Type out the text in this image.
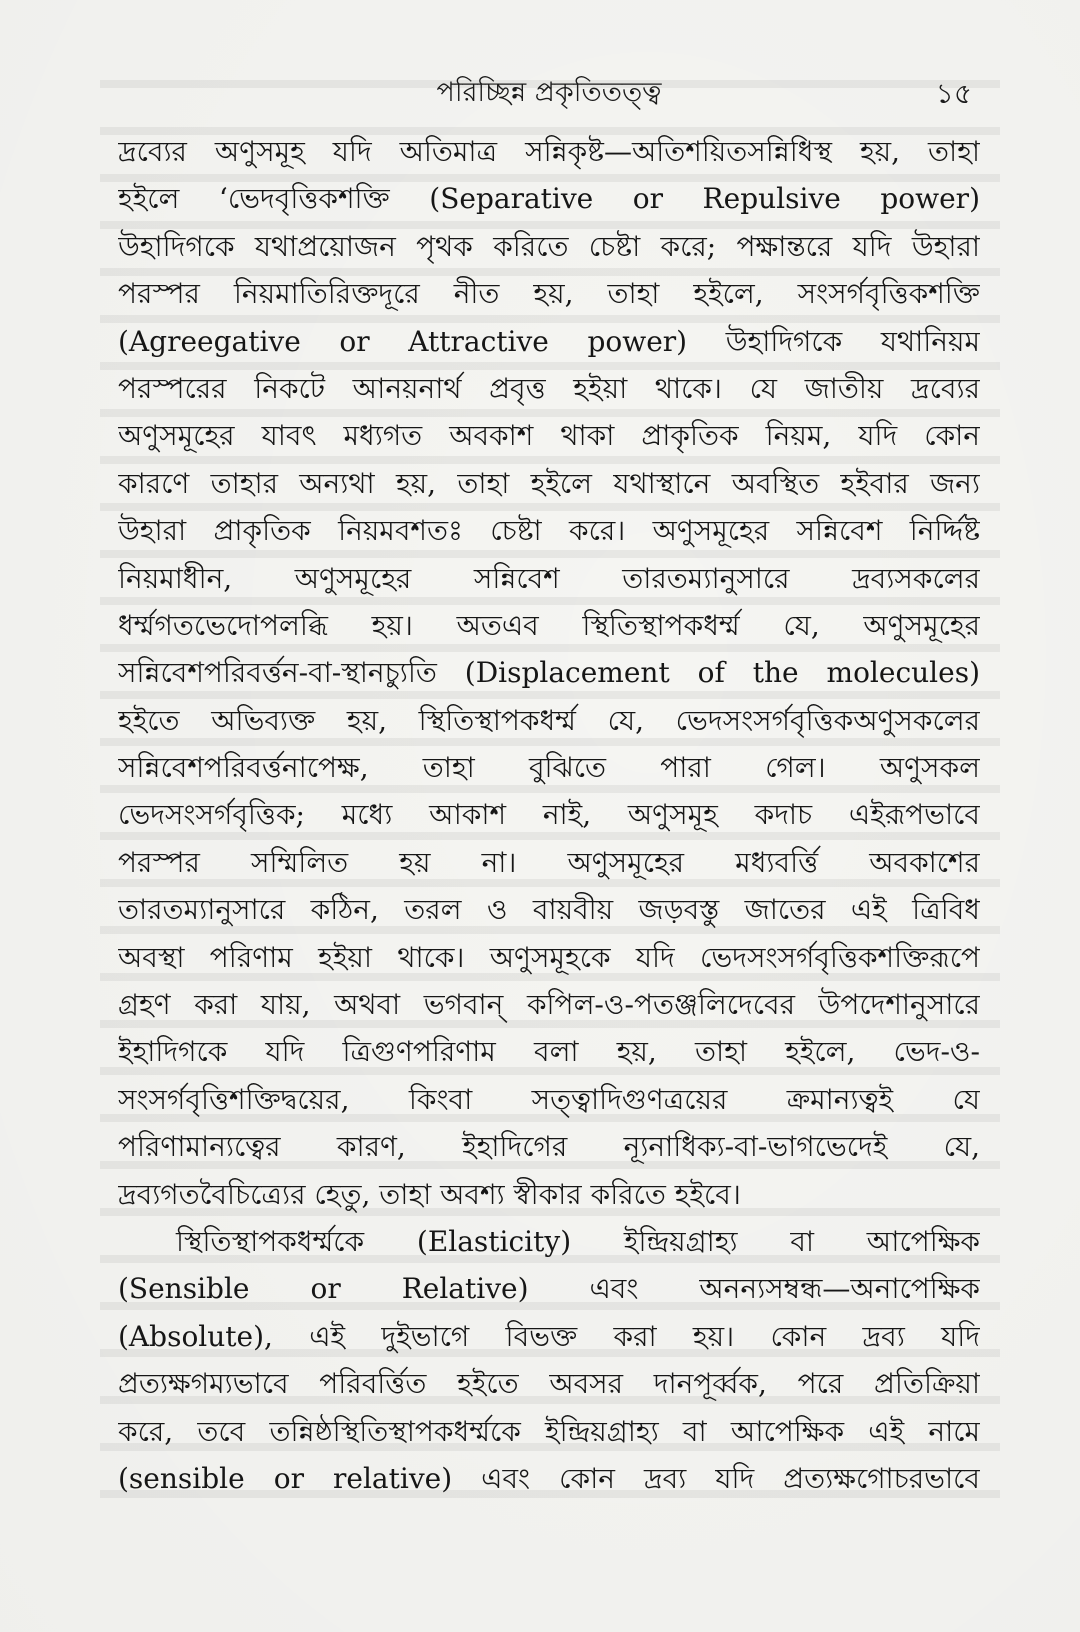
পরিচ্ছিন্ন প্রকৃতিতত্ত্ব	১৫
দ্রব্যের অণুসমূহ যদি অতিমাত্র সন্নিকৃষ্ট—অতিশয়িতসন্নিধিস্থ হয়, তাহা
হইলে ‘ভেদবৃত্তিকশক্তি (Separative or Repulsive power)
উহাদিগকে যথাপ্রয়োজন পৃথক করিতে চেষ্টা করে; পক্ষান্তরে যদি উহারা
পরস্পর নিয়মাতিরিক্তদূরে নীত হয়, তাহা হইলে, সংসর্গবৃত্তিকশক্তি
(Agreegative or Attractive power) উহাদিগকে যথানিয়ম
পরস্পরের নিকটে আনয়নার্থ প্রবৃত্ত হইয়া থাকে। যে জাতীয় দ্রব্যের
অণুসমূহের যাবৎ মধ্যগত অবকাশ থাকা প্রাকৃতিক নিয়ম, যদি কোন
কারণে তাহার অন্যথা হয়, তাহা হইলে যথাস্থানে অবস্থিত হইবার জন্য
উহারা প্রাকৃতিক নিয়মবশতঃ চেষ্টা করে। অণুসমূহের সন্নিবেশ নির্দ্দিষ্ট
নিয়মাধীন, অণুসমূহের সন্নিবেশ তারতম্যানুসারে দ্রব্যসকলের
ধর্ম্মগতভেদোপলব্ধি হয়। অতএব স্থিতিস্থাপকধর্ম্ম যে, অণুসমূহের
সন্নিবেশপরিবর্ত্তন-বা-স্থানচ্যুতি (Displacement of the molecules)
হইতে অভিব্যক্ত হয়, স্থিতিস্থাপকধর্ম্ম যে, ভেদসংসর্গবৃত্তিকঅণুসকলের
সন্নিবেশপরিবর্ত্তনাপেক্ষ, তাহা বুঝিতে পারা গেল। অণুসকল
ভেদসংসর্গবৃত্তিক; মধ্যে আকাশ নাই, অণুসমূহ কদাচ এইরূপভাবে
পরস্পর সম্মিলিত হয় না। অণুসমূহের মধ্যবর্ত্তি অবকাশের
তারতম্যানুসারে কঠিন, তরল ও বায়বীয় জড়বস্তু জাতের এই ত্রিবিধ
অবস্থা পরিণাম হইয়া থাকে। অণুসমূহকে যদি ভেদসংসর্গবৃত্তিকশক্তিরূপে
গ্রহণ করা যায়, অথবা ভগবান্ কপিল-ও-পতঞ্জলিদেবের উপদেশানুসারে
ইহাদিগকে যদি ত্রিগুণপরিণাম বলা হয়, তাহা হইলে, ভেদ-ও-
সংসর্গবৃত্তিশক্তিদ্বয়ের, কিংবা সত্ত্বাদিগুণত্রয়ের ক্রমান্যত্বই যে
পরিণামান্যত্বের কারণ, ইহাদিগের ন্যূনাধিক্য-বা-ভাগভেদেই যে,
দ্রব্যগতবৈচিত্র্যের হেতু, তাহা অবশ্য স্বীকার করিতে হইবে।
স্থিতিস্থাপকধর্ম্মকে (Elasticity) ইন্দ্রিয়গ্রাহ্য বা আপেক্ষিক
(Sensible or Relative) এবং অনন্যসম্বন্ধ—অনাপেক্ষিক
(Absolute), এই দুইভাগে বিভক্ত করা হয়। কোন দ্রব্য যদি
প্রত্যক্ষগম্যভাবে পরিবর্ত্তিত হইতে অবসর দানপূর্ব্বক, পরে প্রতিক্রিয়া
করে, তবে তন্নিষ্ঠস্থিতিস্থাপকধর্ম্মকে ইন্দ্রিয়গ্রাহ্য বা আপেক্ষিক এই নামে
(sensible or relative) এবং কোন দ্রব্য যদি প্রত্যক্ষগোচরভাবে
